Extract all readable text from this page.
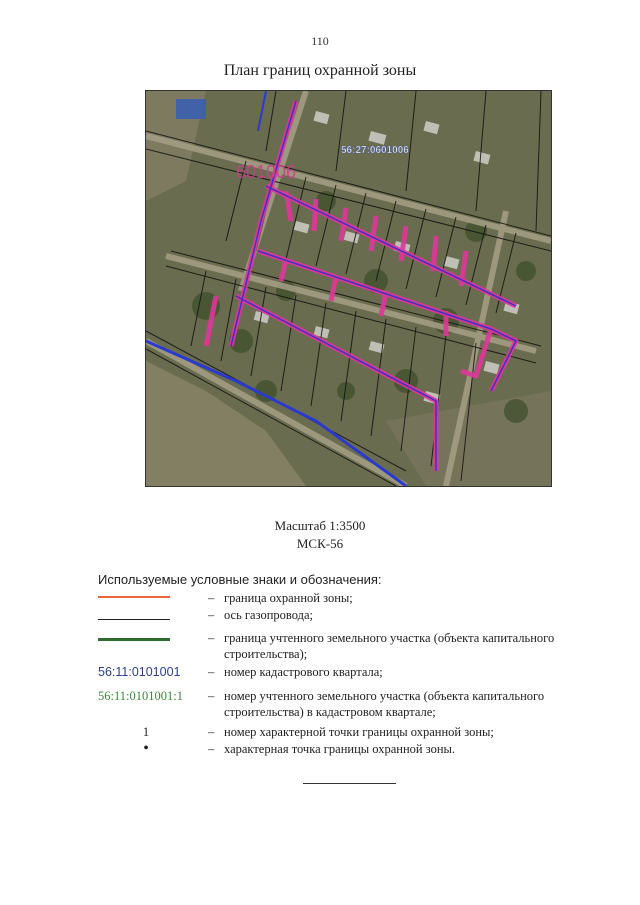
110
План границ охранной зоны
56:27:0601006
601006
Масштаб 1:3500
МСК-56
Используемые условные знаки и обозначения:
– граница охранной зоны;
– ось газопровода;
– граница учтенного земельного участка (объекта капитального строительства);
56:11:0101001	– номер кадастрового квартала;
56:11:0101001:1	– номер учтенного земельного участка (объекта капитального строительства) в кадастровом квартале;
1	– номер характерной точки границы охранной зоны;
•	– характерная точка границы охранной зоны.
